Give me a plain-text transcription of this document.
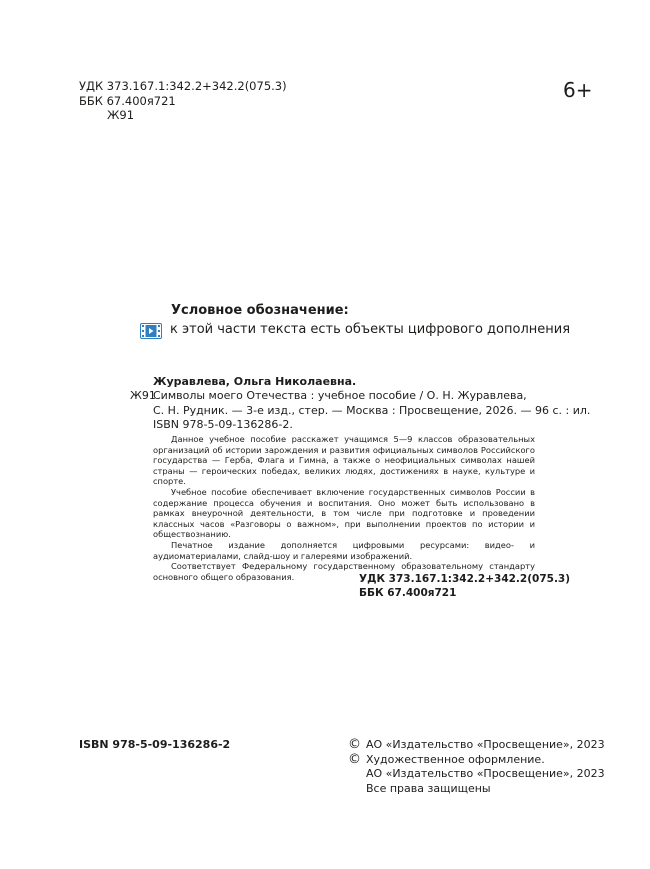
УДК 373.167.1:342.2+342.2(075.3)
ББК 67.400я721
Ж91
6+
Условное обозначение:
к этой части текста есть объекты цифрового дополнения
Журавлева, Ольга Николаевна.
Ж91
Символы моего Отечества : учебное пособие / О. Н. Журавлева,
С. Н. Рудник. — 3-е изд., стер. — Москва : Просвещение, 2026. — 96 с. : ил.
ISBN 978-5-09-136286-2.

Данное учебное пособие расскажет учащимся 5—9 классов образовательных организаций об истории зарождения и развития официальных символов Российского государства — Герба, Флага и Гимна, а также о неофициальных символах нашей страны — героических победах, великих людях, достижениях в науке, культуре и спорте.

Учебное пособие обеспечивает включение государственных символов России в содержание процесса обучения и воспитания. Оно может быть использовано в рамках внеурочной деятельности, в том числе при подготовке и проведении классных часов «Разговоры о важном», при выполнении проектов по истории и обществознанию.

Печатное издание дополняется цифровыми ресурсами: видео- и аудиоматериалами, слайд-шоу и галереями изображений.

Соответствует Федеральному государственному образовательному стандарту основного общего образования.	УДК 373.167.1:342.2+342.2(075.3)
ББК 67.400я721
ISBN 978-5-09-136286-2	© АО «Издательство «Просвещение», 2023
© Художественное оформление.
АО «Издательство «Просвещение», 2023
Все права защищены
